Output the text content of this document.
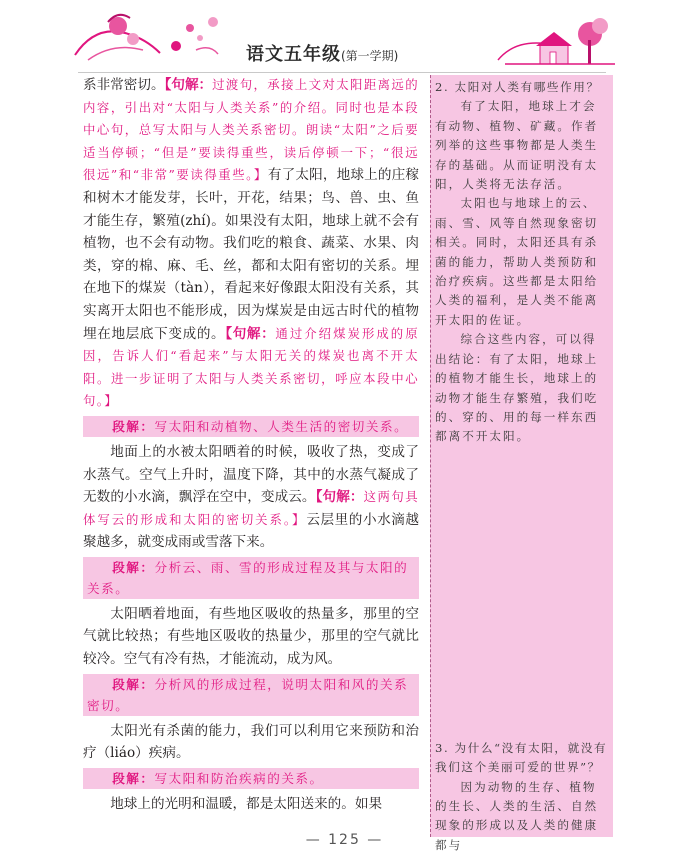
语文五年级(第一学期)

系非常密切。【句解：过渡句，承接上文对太阳距离远的内容，引出对“太阳与人类关系”的介绍。同时也是本段中心句，总写太阳与人类关系密切。朗读“太阳”之后要适当停顿；“但是”要读得重些，读后停顿一下；“很远很远”和“非常”要读得重些。】有了太阳，地球上的庄稼和树木才能发芽，长叶，开花，结果；鸟、兽、虫、鱼才能生存，繁殖(zhí)。如果没有太阳，地球上就不会有植物，也不会有动物。我们吃的粮食、蔬菜、水果、肉类，穿的棉、麻、毛、丝，都和太阳有密切的关系。埋在地下的煤炭（tàn），看起来好像跟太阳没有关系，其实离开太阳也不能形成，因为煤炭是由远古时代的植物埋在地层底下变成的。【句解：通过介绍煤炭形成的原因，告诉人们“看起来”与太阳无关的煤炭也离不开太阳。进一步证明了太阳与人类关系密切，呼应本段中心句。】

段解：写太阳和动植物、人类生活的密切关系。

地面上的水被太阳晒着的时候，吸收了热，变成了水蒸气。空气上升时，温度下降，其中的水蒸气凝成了无数的小水滴，飘浮在空中，变成云。【句解：这两句具体写云的形成和太阳的密切关系。】云层里的小水滴越聚越多，就变成雨或雪落下来。

段解：分析云、雨、雪的形成过程及其与太阳的关系。

太阳晒着地面，有些地区吸收的热量多，那里的空气就比较热；有些地区吸收的热量少，那里的空气就比较冷。空气有冷有热，才能流动，成为风。

段解：分析风的形成过程，说明太阳和风的关系密切。

太阳光有杀菌的能力，我们可以利用它来预防和治疗（liáo）疾病。

段解：写太阳和防治疾病的关系。

地球上的光明和温暖，都是太阳送来的。如果

2. 太阳对人类有哪些作用？

有了太阳，地球上才会有动物、植物、矿藏。作者列举的这些事物都是人类生存的基础。从而证明没有太阳，人类将无法存活。

太阳也与地球上的云、雨、雪、风等自然现象密切相关。同时，太阳还具有杀菌的能力，帮助人类预防和治疗疾病。这些都是太阳给人类的福利，是人类不能离开太阳的佐证。

综合这些内容，可以得出结论：有了太阳，地球上的植物才能生长，地球上的动物才能生存繁殖，我们吃的、穿的、用的每一样东西都离不开太阳。

3. 为什么“没有太阳，就没有我们这个美丽可爱的世界”？

因为动物的生存、植物的生长、人类的生活、自然现象的形成以及人类的健康都与

— 125 —
